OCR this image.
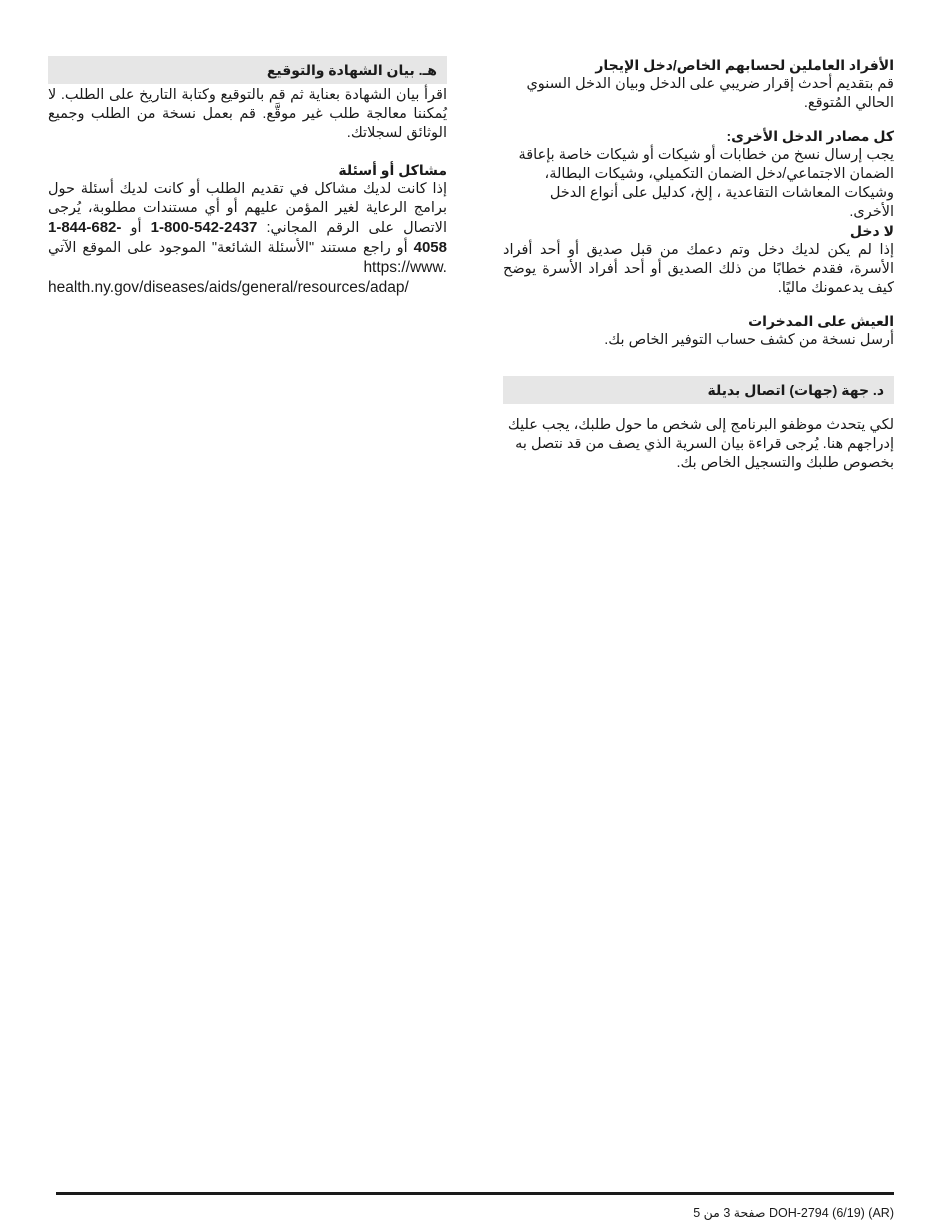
الأفراد العاملين لحسابهم الخاص/دخل الإيجار

قم بتقديم أحدث إقرار ضريبي على الدخل وبيان الدخل السنوي الحالي المُتوقع.

كل مصادر الدخل الأخرى:

يجب إرسال نسخ من خطابات أو شيكات أو شيكات خاصة بإعاقة الضمان الاجتماعي/دخل الضمان التكميلي، وشيكات البطالة، وشيكات المعاشات التقاعدية ، إلخ، كدليل على أنواع الدخل الأخرى.

لا دخل

إذا لم يكن لديك دخل وتم دعمك من قبل صديق أو أحد أفراد الأسرة، فقدم خطابًا من ذلك الصديق أو أحد أفراد الأسرة يوضح كيف يدعمونك ماليًا.

العيش على المدخرات

أرسل نسخة من كشف حساب التوفير الخاص بك.

د. جهة (جهات) اتصال بديلة

لكي يتحدث موظفو البرنامج إلى شخص ما حول طلبك، يجب عليك إدراجهم هنا. يُرجى قراءة بيان السرية الذي يصف من قد نتصل به بخصوص طلبك والتسجيل الخاص بك.

هـ. بيان الشهادة والتوقيع

اقرأ بيان الشهادة بعناية ثم قم بالتوقيع وكتابة التاريخ على الطلب. لا يُمكننا معالجة طلب غير موقَّع. قم بعمل نسخة من الطلب وجميع الوثائق لسجلاتك.

مشاكل أو أسئلة

إذا كانت لديك مشاكل في تقديم الطلب أو كانت لديك أسئلة حول برامج الرعاية لغير المؤمن عليهم أو أي مستندات مطلوبة، يُرجى الاتصال على الرقم المجاني: 1-800-542-2437 أو 1-844-682-4058 أو راجع مستند "الأسئلة الشائعة" الموجود على الموقع الآتي https://www.

health.ny.gov/diseases/aids/general/resources/adap/
DOH-2794 (6/19) (AR) صفحة 3 من 5
